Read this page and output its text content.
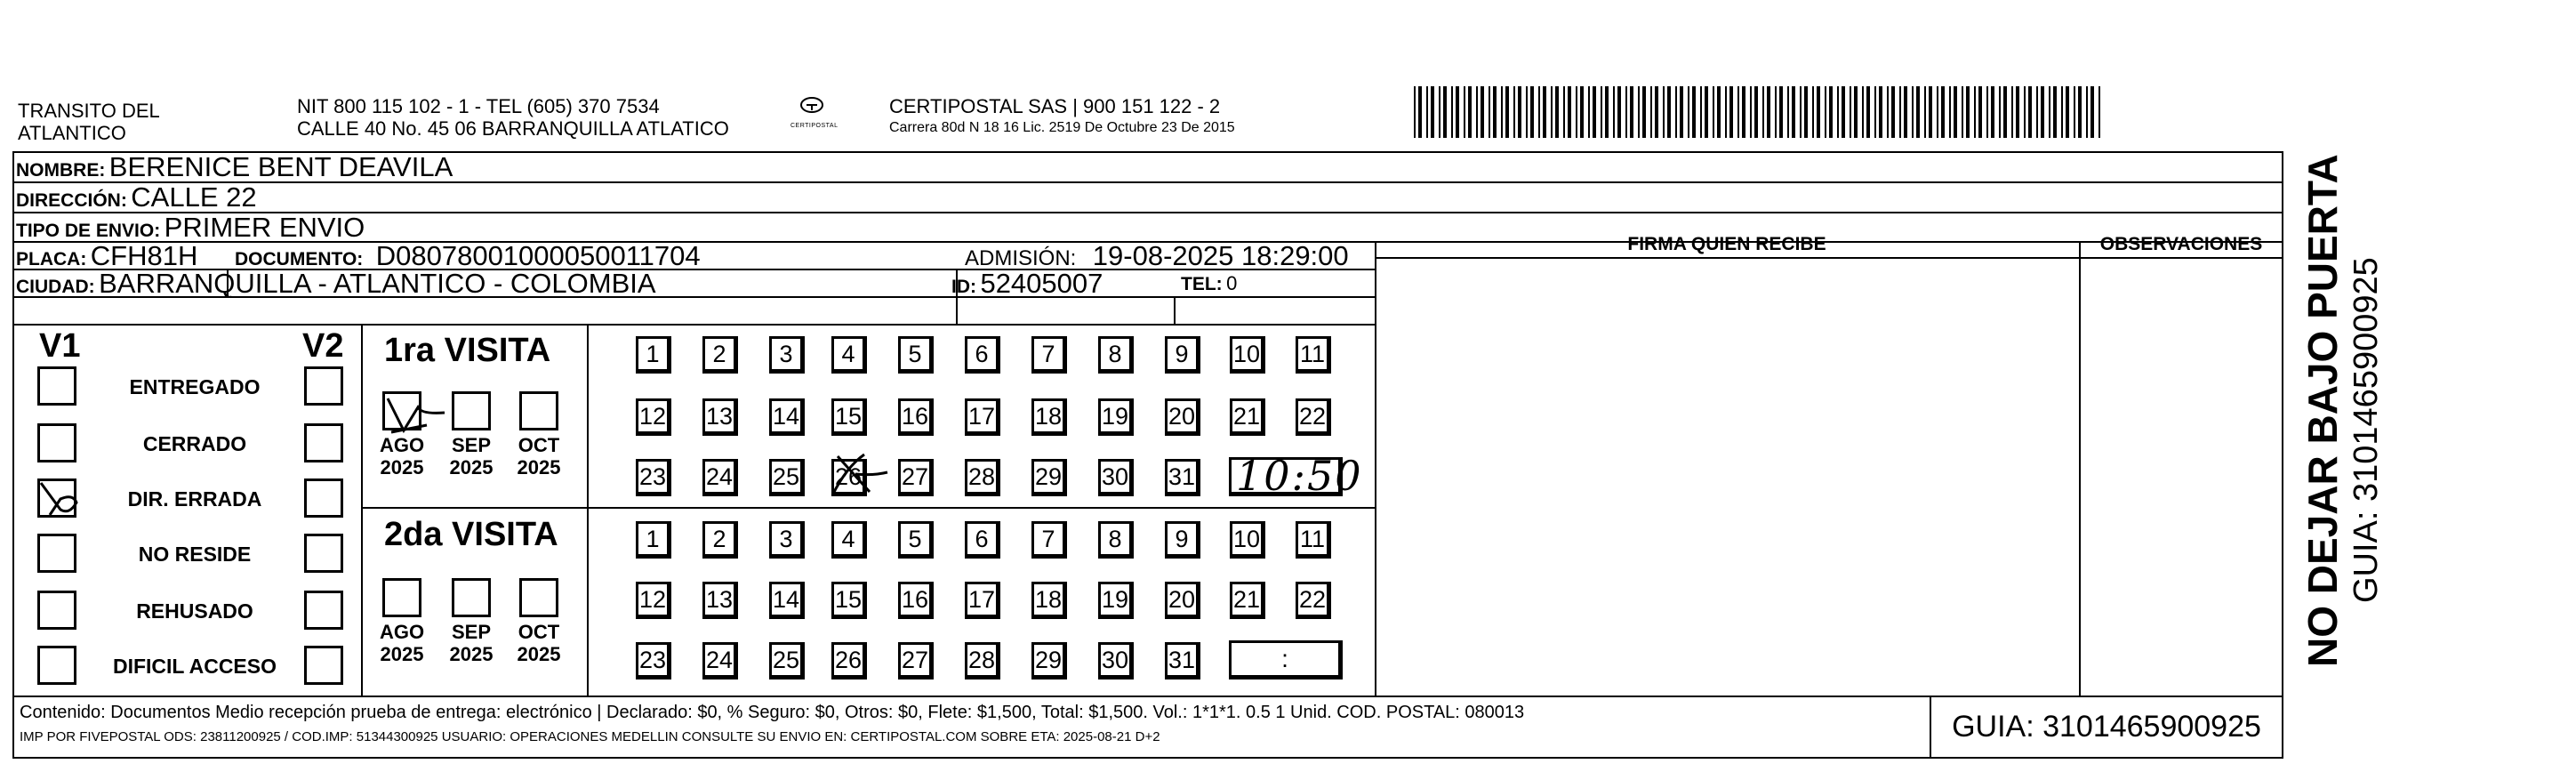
TRANSITO DEL
ATLANTICO
NIT 800 115 102 - 1 - TEL (605) 370 7534
CALLE 40 No. 45 06 BARRANQUILLA ATLATICO	CERTIPOSTAL
CERTIPOSTAL SAS | 900 151 122 - 2
Carrera 80d N 18 16 Lic. 2519 De Octubre 23 De 2015
NOMBRE: BERENICE BENT DEAVILA
DIRECCIÓN: CALLE 22
TIPO DE ENVIO: PRIMER ENVIO
FIRMA QUIEN RECIBE	OBSERVACIONES
PLACA: CFH81H DOCUMENTO: D08078001000050011704	ADMISIÓN: 19-08-2025 18:29:00
CIUDAD: BARRANQUILLA - ATLANTICO - COLOMBIA	ID: 52405007	TEL: 0
V1	V2
ENTREGADO
CERRADO
DIR. ERRADA
NO RESIDE
REHUSADO
DIFICIL ACCESO
1ra VISITA
2da VISITA
AGO
2025
SEP
2025
OCT
2025
AGO
2025
SEP
2025
OCT
2025
1	2	3	4	5	6	7	8	9	10 11
12 13 14 15 16 17 18 19 20 21 22
23 24 25 26 27 28 29 30 31
1	2	3	4	5	6	7	8	9	10 11
12 13 14 15 16 17 18 19 20 21 22
23 24 25 26 27 28 29 30 31
10:50
:
Contenido: Documentos Medio recepción prueba de entrega: electrónico | Declarado: $0, % Seguro: $0, Otros: $0, Flete: $1,500, Total: $1,500. Vol.: 1*1*1. 0.5 1 Unid. COD. POSTAL: 080013
IMP POR FIVEPOSTAL ODS: 23811200925 / COD.IMP: 51344300925 USUARIO: OPERACIONES MEDELLIN CONSULTE SU ENVIO EN: CERTIPOSTAL.COM SOBRE ETA: 2025-08-21 D+2	GUIA: 3101465900925
NO DEJAR BAJO PUERTA GUIA: 3101465900925
